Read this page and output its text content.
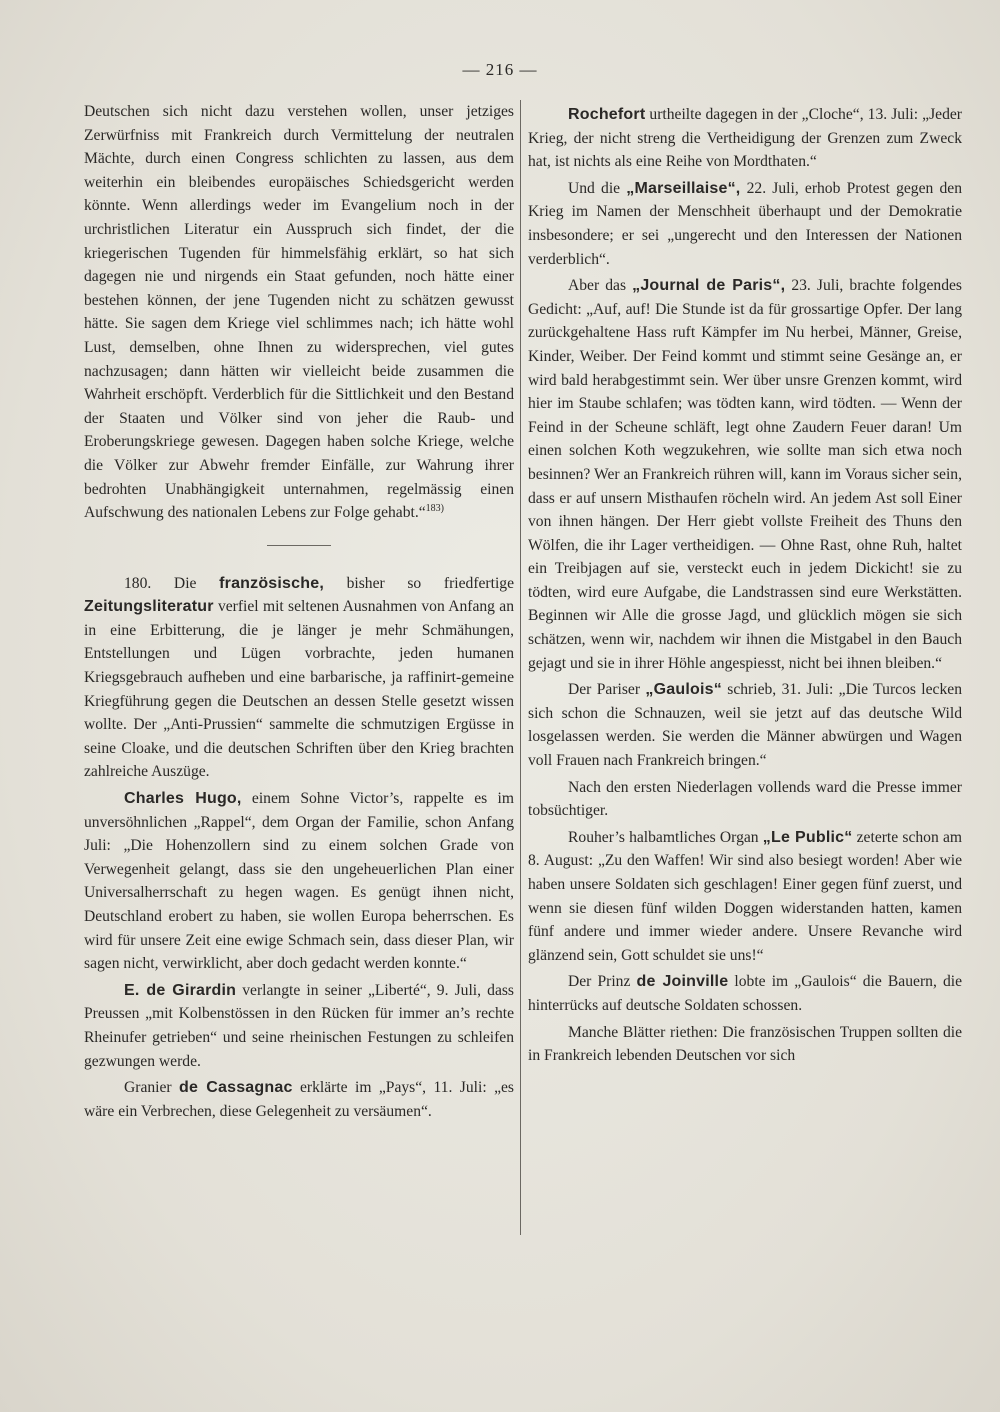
— 216 —

Deutschen sich nicht dazu verstehen wollen, unser jetziges Zerwürfniss mit Frankreich durch Vermittelung der neutralen Mächte, durch einen Congress schlichten zu lassen, aus dem weiterhin ein bleibendes europäisches Schiedsgericht werden könnte. Wenn allerdings weder im Evangelium noch in der urchristlichen Literatur ein Ausspruch sich findet, der die kriegerischen Tugenden für himmelsfähig erklärt, so hat sich dagegen nie und nirgends ein Staat gefunden, noch hätte einer bestehen können, der jene Tugenden nicht zu schätzen gewusst hätte. Sie sagen dem Kriege viel schlimmes nach; ich hätte wohl Lust, demselben, ohne Ihnen zu widersprechen, viel gutes nachzusagen; dann hätten wir vielleicht beide zusammen die Wahrheit erschöpft. Verderblich für die Sittlichkeit und den Bestand der Staaten und Völker sind von jeher die Raub- und Eroberungskriege gewesen. Dagegen haben solche Kriege, welche die Völker zur Abwehr fremder Einfälle, zur Wahrung ihrer bedrohten Unabhängigkeit unternahmen, regelmässig einen Aufschwung des nationalen Lebens zur Folge gehabt.“$^{183)}$

180. Die französische, bisher so friedfertige Zeitungsliteratur verfiel mit seltenen Ausnahmen von Anfang an in eine Erbitterung, die je länger je mehr Schmähungen, Entstellungen und Lügen vorbrachte, jeden humanen Kriegsgebrauch aufheben und eine barbarische, ja raffinirt-gemeine Kriegführung gegen die Deutschen an dessen Stelle gesetzt wissen wollte. Der „Anti-Prussien“ sammelte die schmutzigen Ergüsse in seine Cloake, und die deutschen Schriften über den Krieg brachten zahlreiche Auszüge.

Charles Hugo, einem Sohne Victor’s, rappelte es im unversöhnlichen „Rappel“, dem Organ der Familie, schon Anfang Juli: „Die Hohenzollern sind zu einem solchen Grade von Verwegenheit gelangt, dass sie den ungeheuerlichen Plan einer Universalherrschaft zu hegen wagen. Es genügt ihnen nicht, Deutschland erobert zu haben, sie wollen Europa beherrschen. Es wird für unsere Zeit eine ewige Schmach sein, dass dieser Plan, wir sagen nicht, verwirklicht, aber doch gedacht werden konnte.“

E. de Girardin verlangte in seiner „Liberté“, 9. Juli, dass Preussen „mit Kolbenstössen in den Rücken für immer an’s rechte Rheinufer getrieben“ und seine rheinischen Festungen zu schleifen gezwungen werde.

Granier de Cassagnac erklärte im „Pays“, 11. Juli: „es wäre ein Verbrechen, diese Gelegenheit zu versäumen“.

Rochefort urtheilte dagegen in der „Cloche“, 13. Juli: „Jeder Krieg, der nicht streng die Vertheidigung der Grenzen zum Zweck hat, ist nichts als eine Reihe von Mordthaten.“

Und die „Marseillaise“, 22. Juli, erhob Protest gegen den Krieg im Namen der Menschheit überhaupt und der Demokratie insbesondere; er sei „ungerecht und den Interessen der Nationen verderblich“.

Aber das „Journal de Paris“, 23. Juli, brachte folgendes Gedicht: „Auf, auf! Die Stunde ist da für grossartige Opfer. Der lang zurückgehaltene Hass ruft Kämpfer im Nu herbei, Männer, Greise, Kinder, Weiber. Der Feind kommt und stimmt seine Gesänge an, er wird bald herabgestimmt sein. Wer über unsre Grenzen kommt, wird hier im Staube schlafen; was tödten kann, wird tödten. — Wenn der Feind in der Scheune schläft, legt ohne Zaudern Feuer daran! Um einen solchen Koth wegzukehren, wie sollte man sich etwa noch besinnen? Wer an Frankreich rühren will, kann im Voraus sicher sein, dass er auf unsern Misthaufen röcheln wird. An jedem Ast soll Einer von ihnen hängen. Der Herr giebt vollste Freiheit des Thuns den Wölfen, die ihr Lager vertheidigen. — Ohne Rast, ohne Ruh, haltet ein Treibjagen auf sie, versteckt euch in jedem Dickicht! sie zu tödten, wird eure Aufgabe, die Landstrassen sind eure Werkstätten. Beginnen wir Alle die grosse Jagd, und glücklich mögen sie sich schätzen, wenn wir, nachdem wir ihnen die Mistgabel in den Bauch gejagt und sie in ihrer Höhle angespiesst, nicht bei ihnen bleiben.“

Der Pariser „Gaulois“ schrieb, 31. Juli: „Die Turcos lecken sich schon die Schnauzen, weil sie jetzt auf das deutsche Wild losgelassen werden. Sie werden die Männer abwürgen und Wagen voll Frauen nach Frankreich bringen.“

Nach den ersten Niederlagen vollends ward die Presse immer tobsüchtiger.

Rouher’s halbamtliches Organ „Le Public“ zeterte schon am 8. August: „Zu den Waffen! Wir sind also besiegt worden! Aber wie haben unsere Soldaten sich geschlagen! Einer gegen fünf zuerst, und wenn sie diesen fünf wilden Doggen widerstanden hatten, kamen fünf andere und immer wieder andere. Unsere Revanche wird glänzend sein, Gott schuldet sie uns!“

Der Prinz de Joinville lobte im „Gaulois“ die Bauern, die hinterrücks auf deutsche Soldaten schossen.

Manche Blätter riethen: Die französischen Truppen sollten die in Frankreich lebenden Deutschen vor sich
